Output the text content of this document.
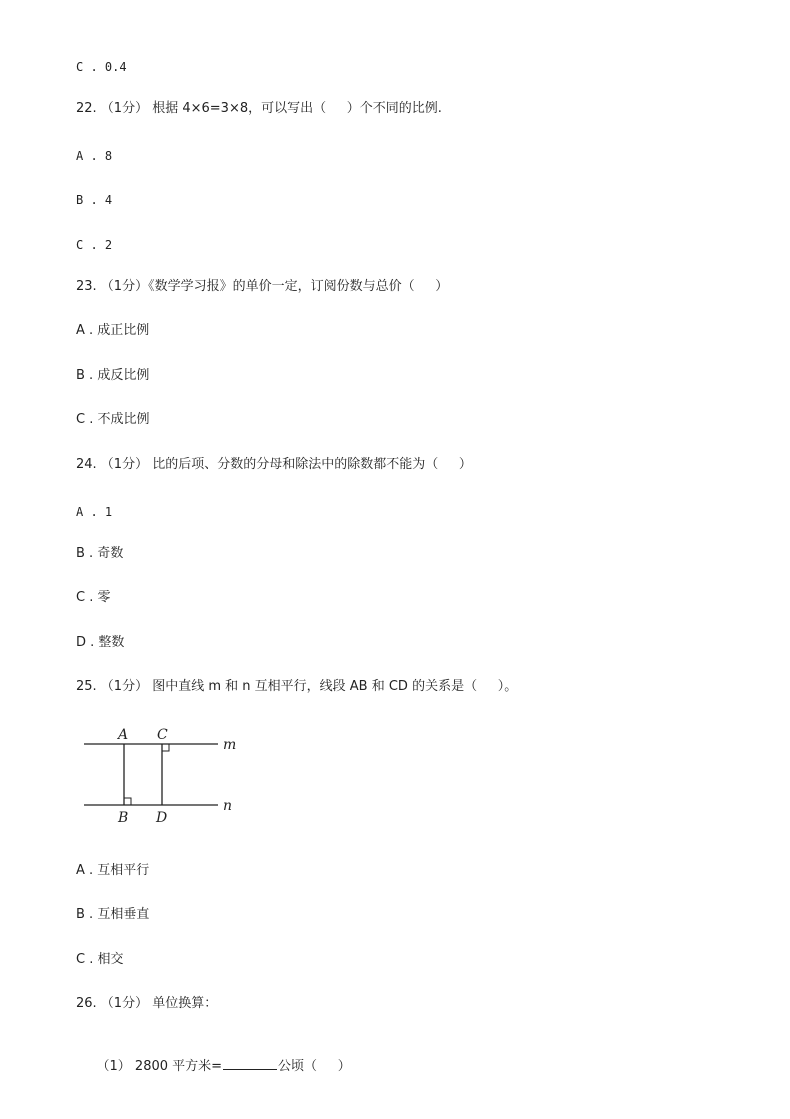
C . 0.4
22. （1分） 根据 4×6=3×8，可以写出（     ）个不同的比例.
A . 8
B . 4
C . 2
23. （1分）《数学学习报》的单价一定，订阅份数与总价（     ）
A . 成正比例
B . 成反比例
C . 不成比例
24. （1分） 比的后项、分数的分母和除法中的除数都不能为（     ）
A . 1
B . 奇数
C . 零
D . 整数
25. （1分） 图中直线 m 和 n 互相平行，线段 AB 和 CD 的关系是（     ）。
A C
m
B D
n
A . 互相平行
B . 互相垂直
C . 相交
26. （1分） 单位换算：

（1） 2800 平方米=	公顷（     ）
